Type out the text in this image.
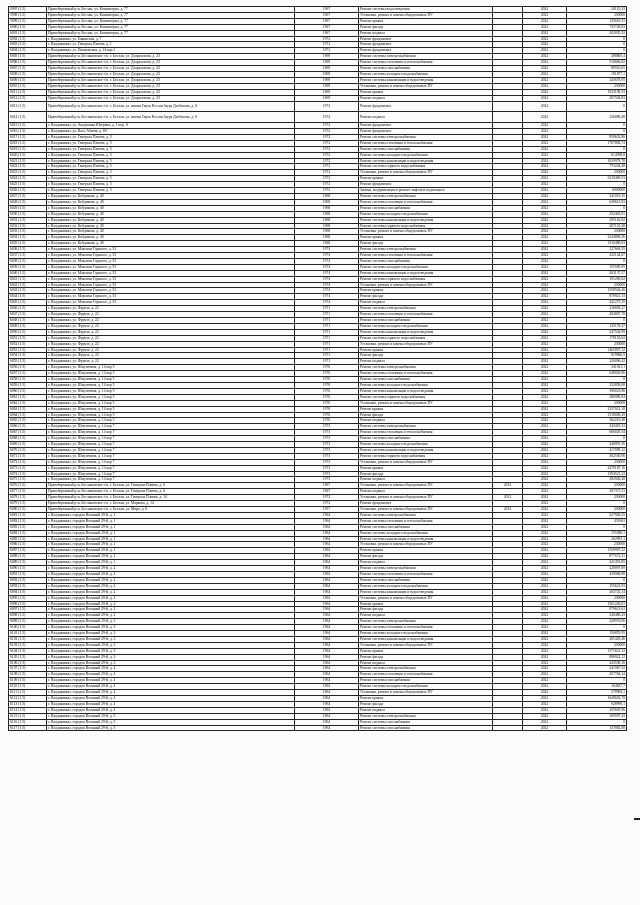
5997 (1.5)	Правобережный р-н, Беслан, ул. Коминтерна, д. 77	1967	Ремонт системы водоотведения		2022	20123,33
5998 (1.5)	Правобережный р-н, Беслан, ул. Коминтерна, д. 77	1967	Установка, ремонт и замена общедомовых ПУ		2022	230000
5999 (1.5)	Правобережный р-н, Беслан, ул. Коминтерна, д. 77	1967	Ремонт крыши		2022	135610,31
6000 (1.5)	Правобережный р-н, Беслан, ул. Коминтерна, д. 77	1967	Ремонт фасада		2022	735728,83
6001 (1.5)	Правобережный р-н, Беслан, ул. Коминтерна, д. 77	1967	Ремонт подвала		2022	202035,32
6002 (1.5)	г. Владикавказ, ул. Бакинская, д. 7	1972	Ремонт фундамента		2022	0
6003 (1.5)	г. Владикавказ, ул. Генерала Плиева, д. 1	1972	Ремонт фундамента		2022	0
6004 (1.5)	г. Владикавказ, ул. Пашковская, д. 14 кор.2	1972	Ремонт фундамента		2022	0
6005 (1.5)	Правобережный р-н, Беслановское г/п, г. Беслан, ул. Дзарахохова, д. 23	1969	Ремонт системы электроснабжения		2022	288805,4
6006 (1.5)	Правобережный р-н, Беслановское г/п, г. Беслан, ул. Дзарахохова, д. 23	1969	Ремонт системы отопления и теплоснабжения		2022	516666,82
6007 (1.5)	Правобережный р-н, Беслановское г/п, г. Беслан, ул. Дзарахохова, д. 23	1969	Ремонт системы газоснабжения		2022	80510,65
6008 (1.5)	Правобережный р-н, Беслановское г/п, г. Беслан, ул. Дзарахохова, д. 23	1969	Ремонт системы холодного водоснабжения		2022	191877,1
6009 (1.5)	Правобережный р-н, Беслановское г/п, г. Беслан, ул. Дзарахохова, д. 23	1969	Ремонт системы канализации и водоотведения		2022	245678,95
6010 (1.5)	Правобережный р-н, Беслановское г/п, г. Беслан, ул. Дзарахохова, д. 23	1969	Установка, ремонт и замена общедомовых ПУ		2022	230000
6011 (1.5)	Правобережный р-н, Беслановское г/п, г. Беслан, ул. Дзарахохова, д. 23	1969	Ремонт крыши		2022	1923198,33
6012 (1.5)	Правобережный р-н, Беслановское г/п, г. Беслан, ул. Дзарахохова, д. 23	1969	Ремонт подвала		2022	297504,83
6013 (1.5)	Правобережный р-н, Беслановское г/п, г. Беслан, ул. имени Героя России Заура Дзебисова, д. 6	1972	Ремонт фундамента		2022	0
6014 (1.5)	Правобережный р-н, Беслановское г/п, г. Беслан, ул. имени Героя России Заура Дзебисова, д. 6	1972	Ремонт подвала		2022	236080,48
6015 (1.5)	г. Владикавказ, ул. Академика Шегрена, д. 1 кор. А	1972	Ремонт фундамента		2022	0
6016 (1.5)	г. Владикавказ, ул. Васо Абаева, д. 69	1972	Ремонт фундамента		2022	0
6017 (1.5)	г. Владикавказ, ул. Генерала Плиева, д. 5	1972	Ремонт системы электроснабжения		2022	859632,86
6018 (1.5)	г. Владикавказ, ул. Генерала Плиева, д. 5	1972	Ремонт системы отопления и теплоснабжения		2022	1707804,74
6019 (1.5)	г. Владикавказ, ул. Генерала Плиева, д. 5	1972	Ремонт системы газоснабжения		2022	0
6020 (1.5)	г. Владикавказ, ул. Генерала Плиева, д. 5	1972	Ремонт системы холодного водоснабжения		2022	614598,8
6021 (1.5)	г. Владикавказ, ул. Генерала Плиева, д. 5	1972	Ремонт системы канализации и водоотведения		2022	1029978,78
6022 (1.5)	г. Владикавказ, ул. Генерала Плиева, д. 5	1972	Ремонт системы горячего водоснабжения		2022	753244,48
6023 (1.5)	г. Владикавказ, ул. Генерала Плиева, д. 5	1972	Установка, ремонт и замена общедомовых ПУ		2022	230000
6024 (1.5)	г. Владикавказ, ул. Генерала Плиева, д. 5	1972	Ремонт крыши		2022	6119469,53
6025 (1.5)	г. Владикавказ, ул. Генерала Плиева, д. 5	1972	Ремонт фундамента		2022	0
6026 (1.5)	г. Владикавказ, ул. Генерала Плиева, д. 5	1972	Замена, модернизация и ремонт лифтов и подъемного		2022	6000000
6027 (1.5)	г. Владикавказ, ул. Кобдикова, д. 40	1968	Ремонт системы электроснабжения		2022	341019,35
6028 (1.5)	г. Владикавказ, ул. Кобдикова, д. 40	1968	Ремонт системы отопления и теплоснабжения		2022	649615,93
6029 (1.5)	г. Владикавказ, ул. Кобдикова, д. 40	1968	Ремонт системы газоснабжения		2022	0
6030 (1.5)	г. Владикавказ, ул. Кобдикова, д. 40	1968	Ремонт системы холодного водоснабжения		2022	252463,91
6031 (1.5)	г. Владикавказ, ул. Кобдикова, д. 40	1968	Ремонт системы канализации и водоотведения		2022	295162,82
6032 (1.5)	г. Владикавказ, ул. Кобдикова, д. 40	1968	Ремонт системы горячего водоснабжения		2022	287101,28
6033 (1.5)	г. Владикавказ, ул. Кобдикова, д. 40	1968	Установка, ремонт и замена общедомовых ПУ		2022	230000
6034 (1.5)	г. Владикавказ, ул. Кобдикова, д. 40	1968	Ремонт крыши		2022	2344896,56
6035 (1.5)	г. Владикавказ, ул. Кобдикова, д. 40	1968	Ремонт фасада		2022	1310480,63
6036 (1.5)	г. Владикавказ, ул. Максима Горького, д. 53	1974	Ремонт системы электроснабжения		2022	227663,55
6037 (1.5)	г. Владикавказ, ул. Максима Горького, д. 53	1974	Ремонт системы отопления и теплоснабжения		2022	432144,87
6038 (1.5)	г. Владикавказ, ул. Максима Горького, д. 53	1974	Ремонт системы газоснабжения		2022	0
6039 (1.5)	г. Владикавказ, ул. Максима Горького, д. 53	1974	Ремонт системы холодного водоснабжения		2022	155585,95
6040 (1.5)	г. Владикавказ, ул. Максима Горького, д. 53	1974	Ремонт системы канализации и водоотведения		2022	263137,27
6041 (1.5)	г. Владикавказ, ул. Максима Горького, д. 53	1974	Ремонт системы горячего водоснабжения		2022	191269,62
6042 (1.5)	г. Владикавказ, ул. Максима Горького, д. 53	1974	Установка, ремонт и замена общедомовых ПУ		2022	230000
6043 (1.5)	г. Владикавказ, ул. Максима Горького, д. 53	1974	Ремонт крыши		2022	1558544,26
6044 (1.5)	г. Владикавказ, ул. Максима Горького, д. 53	1974	Ремонт фасада		2022	878921,33
6045 (1.5)	г. Владикавказ, ул. Максима Горького, д. 53	1974	Ремонт подвала		2022	241275,29
6046 (1.5)	г. Владикавказ, ул. Фрунзе, д. 22	1971	Ремонт системы электроснабжения		2022	216693,27
6047 (1.5)	г. Владикавказ, ул. Фрунзе, д. 22	1971	Ремонт системы отопления и теплоснабжения		2022	404007,78
6048 (1.5)	г. Владикавказ, ул. Фрунзе, д. 22	1971	Ремонт системы газоснабжения		2022	0
6049 (1.5)	г. Владикавказ, ул. Фрунзе, д. 22	1971	Ремонт системы холодного водоснабжения		2022	145178,47
6050 (1.5)	г. Владикавказ, ул. Фрунзе, д. 22	1971	Ремонт системы канализации и водоотведения		2022	247542,99
6051 (1.5)	г. Владикавказ, ул. Фрунзе, д. 22	1971	Ремонт системы горячего водоснабжения		2022	179153,62
6052 (1.5)	г. Владикавказ, ул. Фрунзе, д. 22	1971	Установка, ремонт и замена общедомовых ПУ		2022	230000
6053 (1.5)	г. Владикавказ, ул. Фрунзе, д. 22	1971	Ремонт крыши		2022	1465097,12
6054 (1.5)	г. Владикавказ, ул. Фрунзе, д. 22	1971	Ремонт фасада		2022	819966,5
6055 (1.5)	г. Владикавказ, ул. Фрунзе, д. 22	1971	Ремонт подвала		2022	226096,42
6056 (1.5)	г. Владикавказ, ул. Шмулевича, д. 14 кор 5	1976	Ремонт системы электроснабжения		2022	341921,1
6057 (1.5)	г. Владикавказ, ул. Шмулевича, д. 14 кор 5	1976	Ремонт системы отопления и теплоснабжения		2022	648026,96
6058 (1.5)	г. Владикавказ, ул. Шмулевича, д. 14 кор 5	1976	Ремонт системы газоснабжения		2022	0
6059 (1.5)	г. Владикавказ, ул. Шмулевича, д. 14 кор 5	1976	Ремонт системы холодного водоснабжения		2022	232858,08
6060 (1.5)	г. Владикавказ, ул. Шмулевича, д. 14 кор 5	1976	Ремонт системы канализации и водоотведения		2022	396023,86
6061 (1.5)	г. Владикавказ, ул. Шмулевича, д. 14 кор 5	1976	Ремонт системы горячего водоснабжения		2022	286980,84
6062 (1.5)	г. Владикавказ, ул. Шмулевича, д. 14 кор 5	1976	Установка, ремонт и замена общедомовых ПУ		2022	230000
6063 (1.5)	г. Владикавказ, ул. Шмулевича, д. 14 кор 5	1976	Ремонт крыши		2022	2337021,18
6064 (1.5)	г. Владикавказ, ул. Шмулевича, д. 14 кор 5	1976	Ремонт фасада		2022	1318049,29
6065 (1.5)	г. Владикавказ, ул. Шмулевича, д. 14 кор 5	1976	Ремонт подвала		2022	362210,48
6066 (1.5)	г. Владикавказ, ул. Шмулевича, д. 14 кор 7	1973	Ремонт системы электроснабжения		2022	343419,33
6067 (1.5)	г. Владикавказ, ул. Шмулевича, д. 14 кор 7	1973	Ремонт системы отопления и теплоснабжения		2022	686029,34
6068 (1.5)	г. Владикавказ, ул. Шмулевича, д. 14 кор 7	1973	Ремонт системы газоснабжения		2022	0
6069 (1.5)	г. Владикавказ, ул. Шмулевича, д. 14 кор 7	1973	Ремонт системы холодного водоснабжения		2022	246991,56
6070 (1.5)	г. Владикавказ, ул. Шмулевича, д. 14 кор 7	1973	Ремонт системы канализации и водоотведения		2022	417099,12
6071 (1.5)	г. Владикавказ, ул. Шмулевича, д. 14 кор 7	1973	Ремонт системы горячего водоснабжения		2022	302530,06
6072 (1.5)	г. Владикавказ, ул. Шмулевича, д. 14 кор 7	1973	Установка, ремонт и замена общедомовых ПУ		2022	230000
6073 (1.5)	г. Владикавказ, ул. Шмулевича, д. 14 кор 7	1973	Ремонт крыши		2022	2479187,16
6074 (1.5)	г. Владикавказ, ул. Шмулевича, д. 14 кор 7	1973	Ремонт фасада		2022	1394521,23
6075 (1.5)	г. Владикавказ, ул. Шмулевича, д. 14 кор 7	1973	Ремонт подвала		2022	382926,28
6076 (1.5)	Правобережный р-н, Беслановское г/п, г. Беслан, ул. Генерала Плиева, д. 6	1967	Установка, ремонт и замена общедомовых ПУ	2012	2022	230000
6077 (1.5)	Правобережный р-н, Беслановское г/п, г. Беслан, ул. Генерала Плиева, д. 6	1967	Ремонт подвала		2022	297373,11
6078 (1.5)	Правобережный р-н, Беслановское г/п, г. Беслан, ул. Генерала Плиева, д. 14	1972	Установка, ремонт и замена общедомовых ПУ	2012	2022	230000
6079 (1.5)	Правобережный р-н, Беслановское г/п, г. Беслан, ул. Маркова, д. 14	1972	Ремонт фундамента		2022	0
6080 (1.5)	Правобережный р-н, Беслановское г/п, г. Беслан, ул. Мира, д. 8	1957	Установка, ремонт и замена общедомовых ПУ	2012	2022	230000
6081 (1.5)	г. Владикавказ, городок Военный 29-й, д. 1	1964	Ремонт системы электроснабжения		2022	227926,55
6082 (1.5)	г. Владикавказ, городок Военный 29-й, д. 1	1964	Ремонт системы отопления и теплоснабжения		2022	431661
6083 (1.5)	г. Владикавказ, городок Военный 29-й, д. 1	1964	Ремонт системы газоснабжения		2022	0
6084 (1.5)	г. Владикавказ, городок Военный 29-й, д. 1	1964	Ремонт системы холодного водоснабжения		2022	155386,1
6085 (1.5)	г. Владикавказ, городок Военный 29-й, д. 1	1964	Ремонт системы канализации и водоотведения		2022	262991,1
6086 (1.5)	г. Владикавказ, городок Военный 29-й, д. 1	1964	Установка, ремонт и замена общедомовых ПУ		2022	230000
6087 (1.5)	г. Владикавказ, городок Военный 29-й, д. 1	1964	Ремонт крыши		2022	1556907,22
6088 (1.5)	г. Владикавказ, городок Военный 29-й, д. 1	1964	Ремонт фасада		2022	877672,31
6089 (1.5)	г. Владикавказ, городок Военный 29-й, д. 1	1964	Ремонт подвала		2022	241453,85
6090 (1.5)	г. Владикавказ, городок Военный 29-й, д. 2	1964	Ремонт системы электроснабжения		2022	228097,09
6091 (1.5)	г. Владикавказ, городок Военный 29-й, д. 2	1964	Ремонт системы отопления и теплоснабжения		2022	430968,88
6092 (1.5)	г. Владикавказ, городок Военный 29-й, д. 2	1964	Ремонт системы газоснабжения		2022	0
6093 (1.5)	г. Владикавказ, городок Военный 29-й, д. 2	1964	Ремонт системы холодного водоснабжения		2022	155621,93
6094 (1.5)	г. Владикавказ, городок Военный 29-й, д. 2	1964	Ремонт системы канализации и водоотведения		2022	263725,14
6095 (1.5)	г. Владикавказ, городок Военный 29-й, д. 2	1964	Установка, ремонт и замена общедомовых ПУ		2022	230000
6096 (1.5)	г. Владикавказ, городок Военный 29-й, д. 2	1964	Ремонт крыши		2022	1561226,01
6097 (1.5)	г. Владикавказ, городок Военный 29-й, д. 2	1964	Ремонт фасада		2022	879613,61
6098 (1.5)	г. Владикавказ, городок Военный 29-й, д. 2	1964	Ремонт подвала		2022	240486,43
6099 (1.5)	г. Владикавказ, городок Военный 29-й, д. 3	1964	Ремонт системы электроснабжения		2022	228976,06
6100 (1.5)	г. Владикавказ, городок Военный 29-й, д. 3	1964	Ремонт системы отопления и теплоснабжения		2022	0
6101 (1.5)	г. Владикавказ, городок Военный 29-й, д. 3	1964	Ремонт системы холодного водоснабжения		2022	156855,95
6102 (1.5)	г. Владикавказ, городок Военный 29-й, д. 3	1964	Ремонт системы канализации и водоотведения		2022	265429,46
6103 (1.5)	г. Владикавказ, городок Военный 29-й, д. 3	1964	Установка, ремонт и замена общедомовых ПУ		2022	230000
6104 (1.5)	г. Владикавказ, городок Военный 29-й, д. 3	1964	Ремонт крыши		2022	1571621,12
6105 (1.5)	г. Владикавказ, городок Военный 29-й, д. 3	1964	Ремонт фасада		2022	886922,12
6106 (1.5)	г. Владикавказ, городок Военный 29-й, д. 3	1964	Ремонт подвала		2022	243530,16
6107 (1.5)	г. Владикавказ, городок Военный 29-й, д. 4	1964	Ремонт системы электроснабжения		2022	241967,52
6108 (1.5)	г. Владикавказ, городок Военный 29-й, д. 4	1964	Ремонт системы отопления и теплоснабжения		2022	457764,24
6109 (1.5)	г. Владикавказ, городок Военный 29-й, д. 4	1964	Ремонт системы газоснабжения		2022	0
6110 (1.5)	г. Владикавказ, городок Военный 29-й, д. 4	1964	Ремонт системы холодного водоснабжения		2022	164657,7
6111 (1.5)	г. Владикавказ, городок Военный 29-й, д. 4	1964	Установка, ремонт и замена общедомовых ПУ		2022	278994,1
6112 (1.5)	г. Владикавказ, городок Военный 29-й, д. 4	1964	Ремонт крыши		2022	1649602,78
6113 (1.5)	г. Владикавказ, городок Военный 29-й, д. 4	1964	Ремонт фасада		2022	928999,1
6114 (1.5)	г. Владикавказ, городок Военный 29-й, д. 4	1964	Ремонт подвала		2022	255605,96
6115 (1.5)	г. Владикавказ, городок Военный 29-й, д. 5	1964	Ремонт системы электроснабжения		2022	169597,43
6116 (1.5)	г. Владикавказ, городок Военный 29-й, д. 5	1964	Ремонт системы газоснабжения		2022	0
6117 (1.5)	г. Владикавказ, городок Военный 29-й, д. 5	1964	Ремонт системы газоснабжения		2022	137882,08
